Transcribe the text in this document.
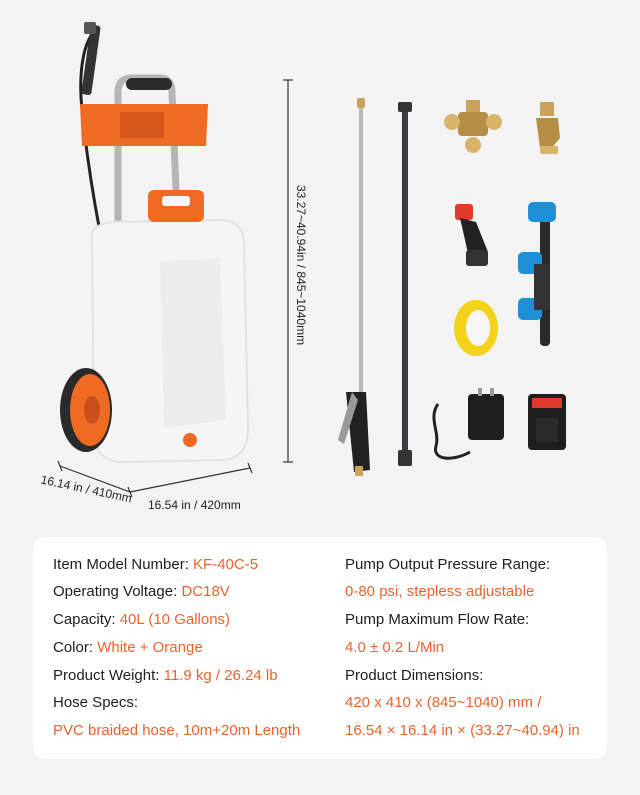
33.27~40.94in / 845~1040mm
16.14 in / 410mm 16.54 in / 420mm
Item Model Number: KF-40C-5
Operating Voltage: DC18V
Capacity: 40L (10 Gallons)
Color: White + Orange
Product Weight: 11.9 kg / 26.24 lb
Hose Specs:
PVC braided hose, 10m+20m Length
Pump Output Pressure Range:
0-80 psi, stepless adjustable
Pump Maximum Flow Rate:
4.0 ± 0.2 L/Min
Product Dimensions:
420 x 410 x (845~1040) mm /
16.54 × 16.14 in × (33.27~40.94) in
